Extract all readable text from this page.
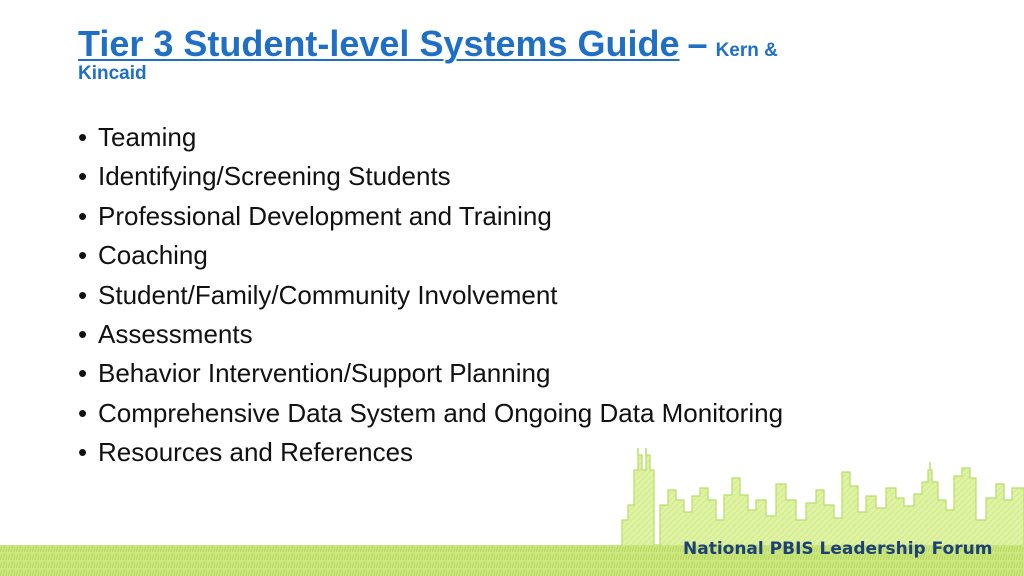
Tier 3 Student-level Systems Guide – Kern &
Kincaid
• Teaming
• Identifying/Screening Students
• Professional Development and Training
• Coaching
• Student/Family/Community Involvement
• Assessments
• Behavior Intervention/Support Planning
• Comprehensive Data System and Ongoing Data Monitoring
• Resources and References
National PBIS Leadership Forum
